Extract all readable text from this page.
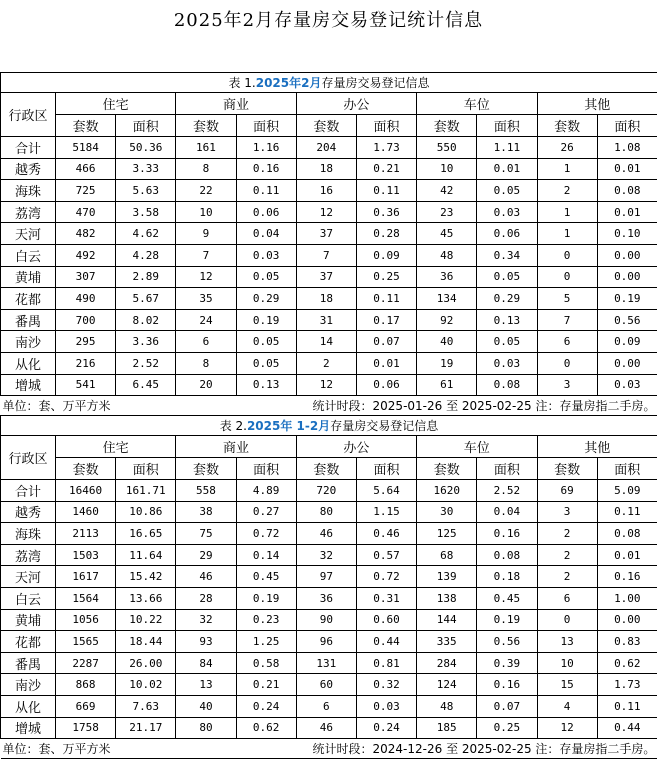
2025年2月存量房交易登记统计信息
表 1.2025年2月存量房交易登记信息										
行政区	住宅		商业		办公		车位		其他	
	套数	面积	套数	面积	套数	面积	套数	面积	套数	面积
合计	5184	50.36	161	1.16	204	1.73	550	1.11	26	1.08
越秀	466	3.33	8	0.16	18	0.21	10	0.01	1	0.01
海珠	725	5.63	22	0.11	16	0.11	42	0.05	2	0.08
荔湾	470	3.58	10	0.06	12	0.36	23	0.03	1	0.01
天河	482	4.62	9	0.04	37	0.28	45	0.06	1	0.10
白云	492	4.28	7	0.03	7	0.09	48	0.34	0	0.00
黄埔	307	2.89	12	0.05	37	0.25	36	0.05	0	0.00
花都	490	5.67	35	0.29	18	0.11	134	0.29	5	0.19
番禺	700	8.02	24	0.19	31	0.17	92	0.13	7	0.56
南沙	295	3.36	6	0.05	14	0.07	40	0.05	6	0.09
从化	216	2.52	8	0.05	2	0.01	19	0.03	0	0.00
增城	541	6.45	20	0.13	12	0.06	61	0.08	3	0.03
单位：套、万平方米				统计时段：2025-01-26 至 2025-02-25 注：存量房指二手房。						
表 2.2025年 1-2月存量房交易登记信息										
行政区	住宅		商业		办公		车位		其他	
	套数	面积	套数	面积	套数	面积	套数	面积	套数	面积
合计	16460	161.71	558	4.89	720	5.64	1620	2.52	69	5.09
越秀	1460	10.86	38	0.27	80	1.15	30	0.04	3	0.11
海珠	2113	16.65	75	0.72	46	0.46	125	0.16	2	0.08
荔湾	1503	11.64	29	0.14	32	0.57	68	0.08	2	0.01
天河	1617	15.42	46	0.45	97	0.72	139	0.18	2	0.16
白云	1564	13.66	28	0.19	36	0.31	138	0.45	6	1.00
黄埔	1056	10.22	32	0.23	90	0.60	144	0.19	0	0.00
花都	1565	18.44	93	1.25	96	0.44	335	0.56	13	0.83
番禺	2287	26.00	84	0.58	131	0.81	284	0.39	10	0.62
南沙	868	10.02	13	0.21	60	0.32	124	0.16	15	1.73
从化	669	7.63	40	0.24	6	0.03	48	0.07	4	0.11
增城	1758	21.17	80	0.62	46	0.24	185	0.25	12	0.44
单位：套、万平方米				统计时段：2024-12-26 至 2025-02-25 注：存量房指二手房。						
